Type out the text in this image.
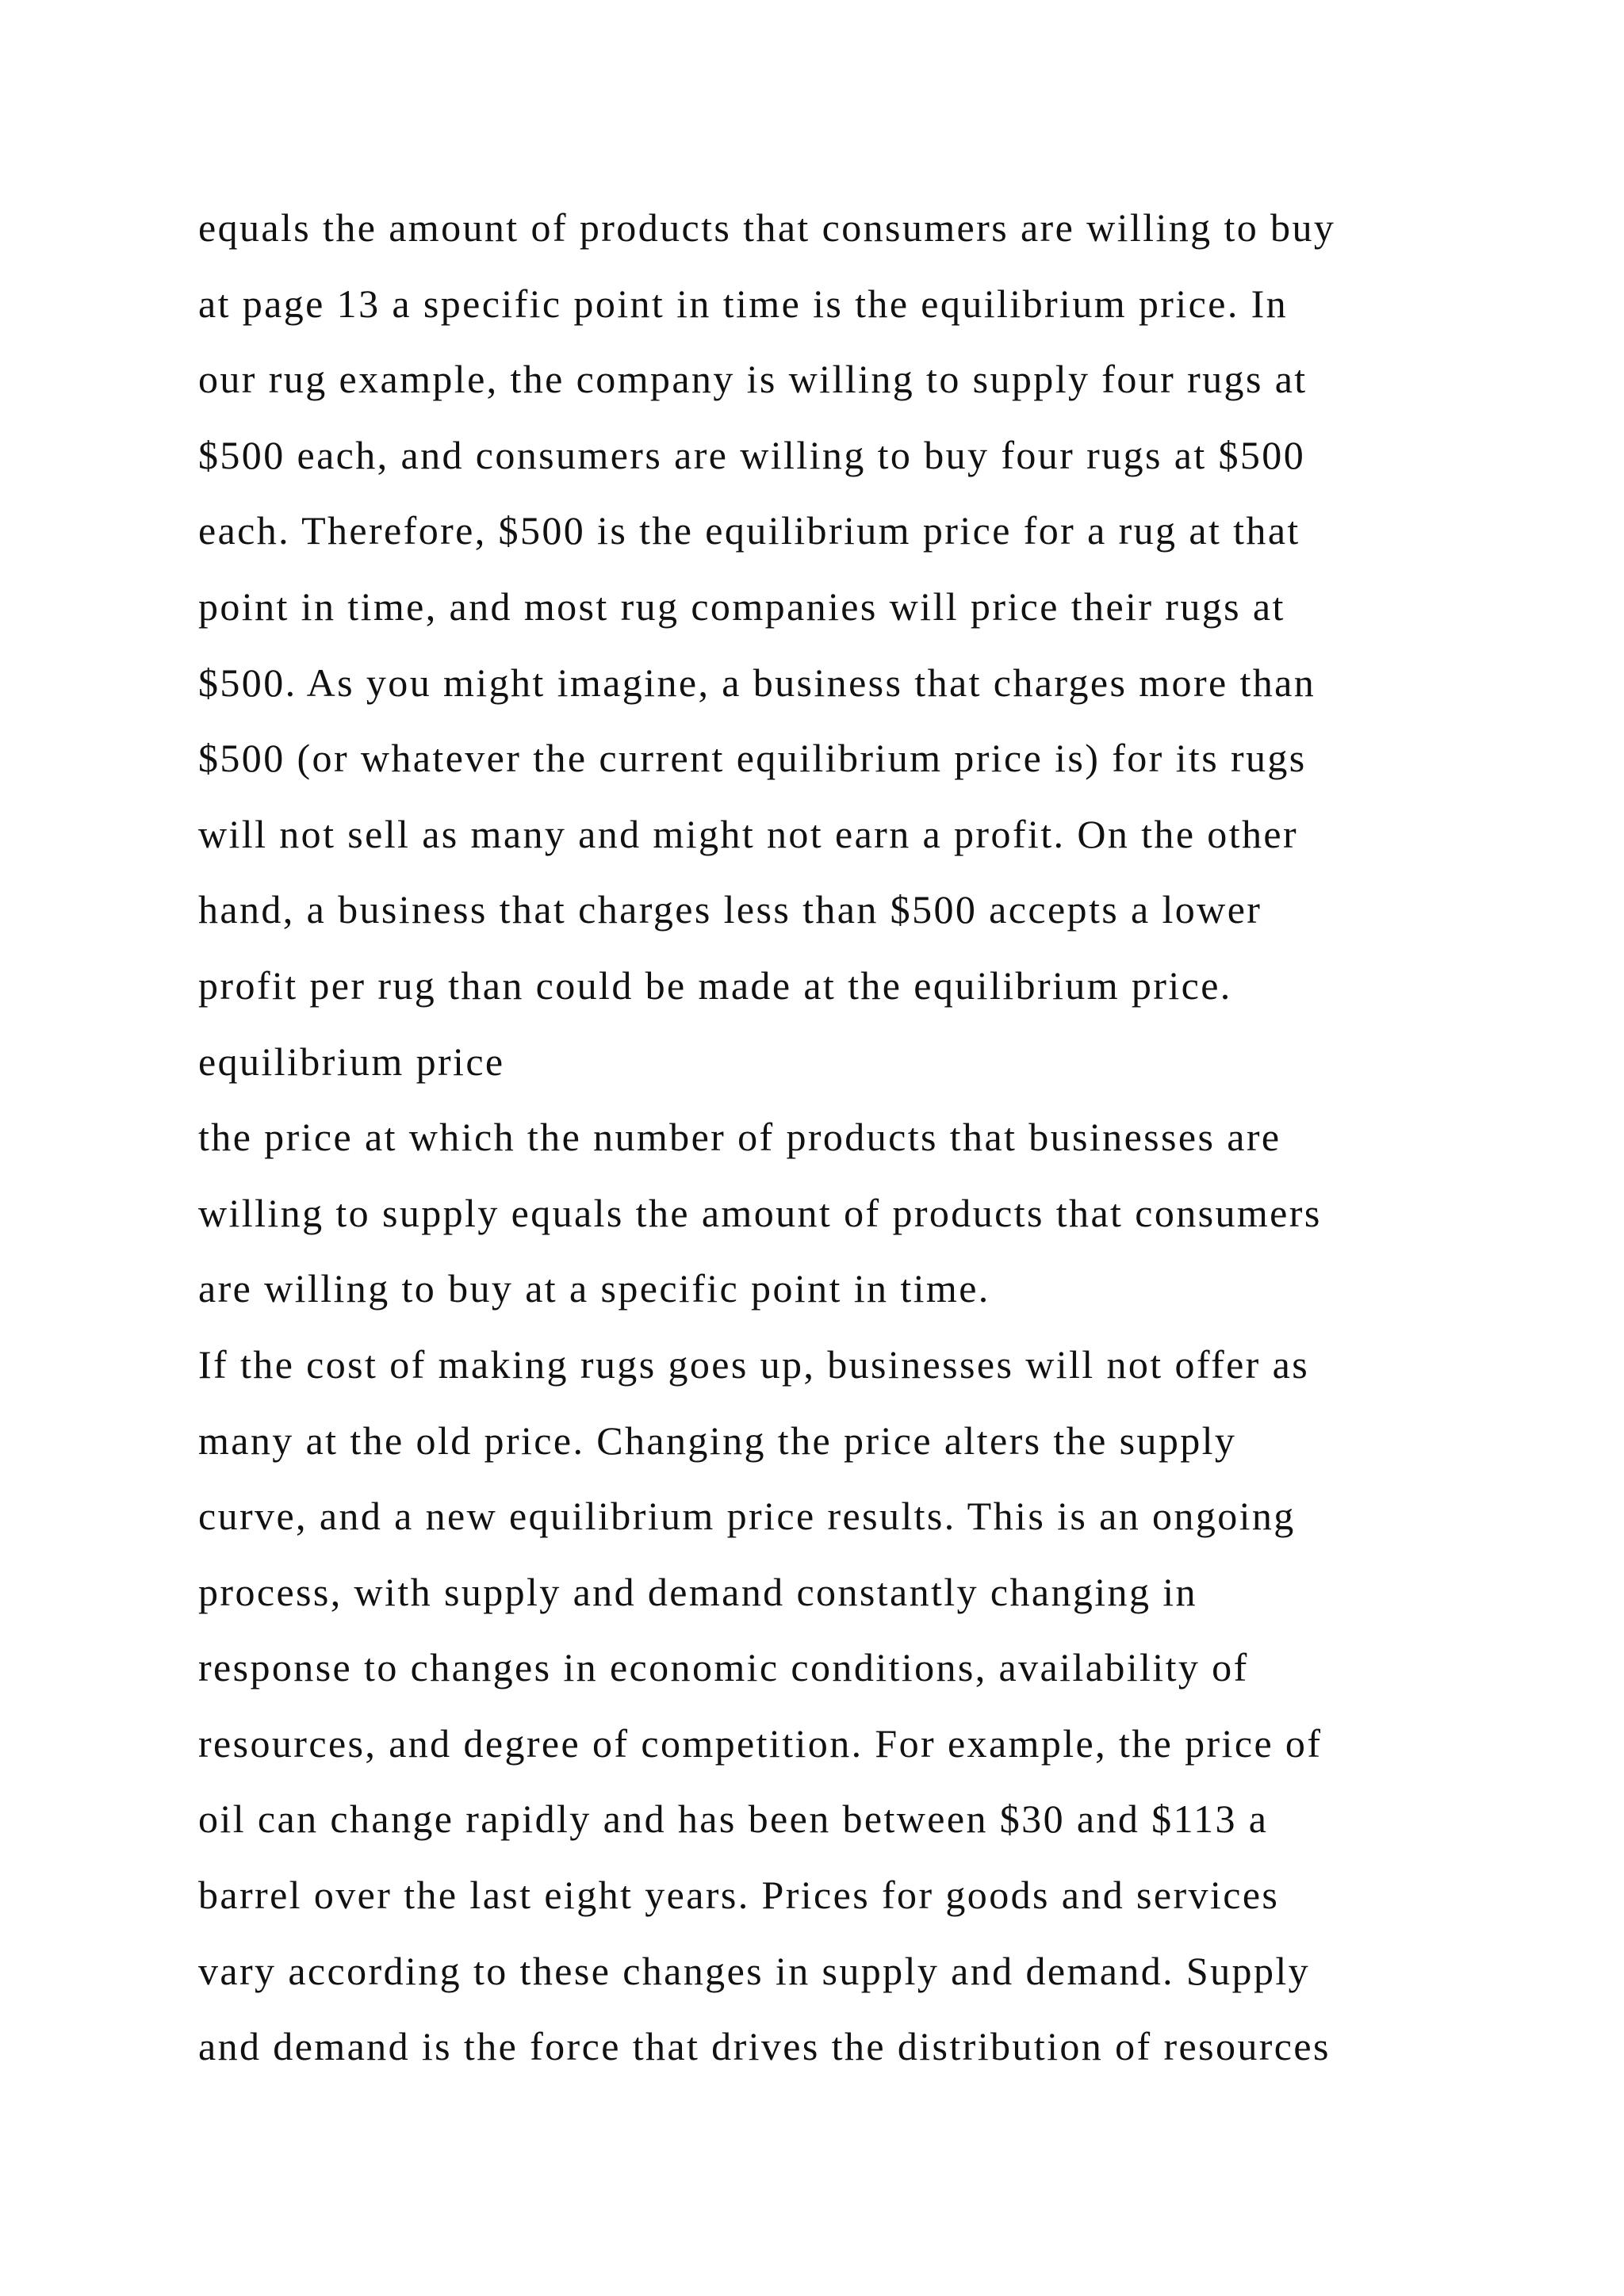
equals the amount of products that consumers are willing to buy
at page 13 a specific point in time is the equilibrium price. In
our rug example, the company is willing to supply four rugs at
$500 each, and consumers are willing to buy four rugs at $500
each. Therefore, $500 is the equilibrium price for a rug at that
point in time, and most rug companies will price their rugs at
$500. As you might imagine, a business that charges more than
$500 (or whatever the current equilibrium price is) for its rugs
will not sell as many and might not earn a profit. On the other
hand, a business that charges less than $500 accepts a lower
profit per rug than could be made at the equilibrium price.
equilibrium price
the price at which the number of products that businesses are
willing to supply equals the amount of products that consumers
are willing to buy at a specific point in time.
If the cost of making rugs goes up, businesses will not offer as
many at the old price. Changing the price alters the supply
curve, and a new equilibrium price results. This is an ongoing
process, with supply and demand constantly changing in
response to changes in economic conditions, availability of
resources, and degree of competition. For example, the price of
oil can change rapidly and has been between $30 and $113 a
barrel over the last eight years. Prices for goods and services
vary according to these changes in supply and demand. Supply
and demand is the force that drives the distribution of resources
